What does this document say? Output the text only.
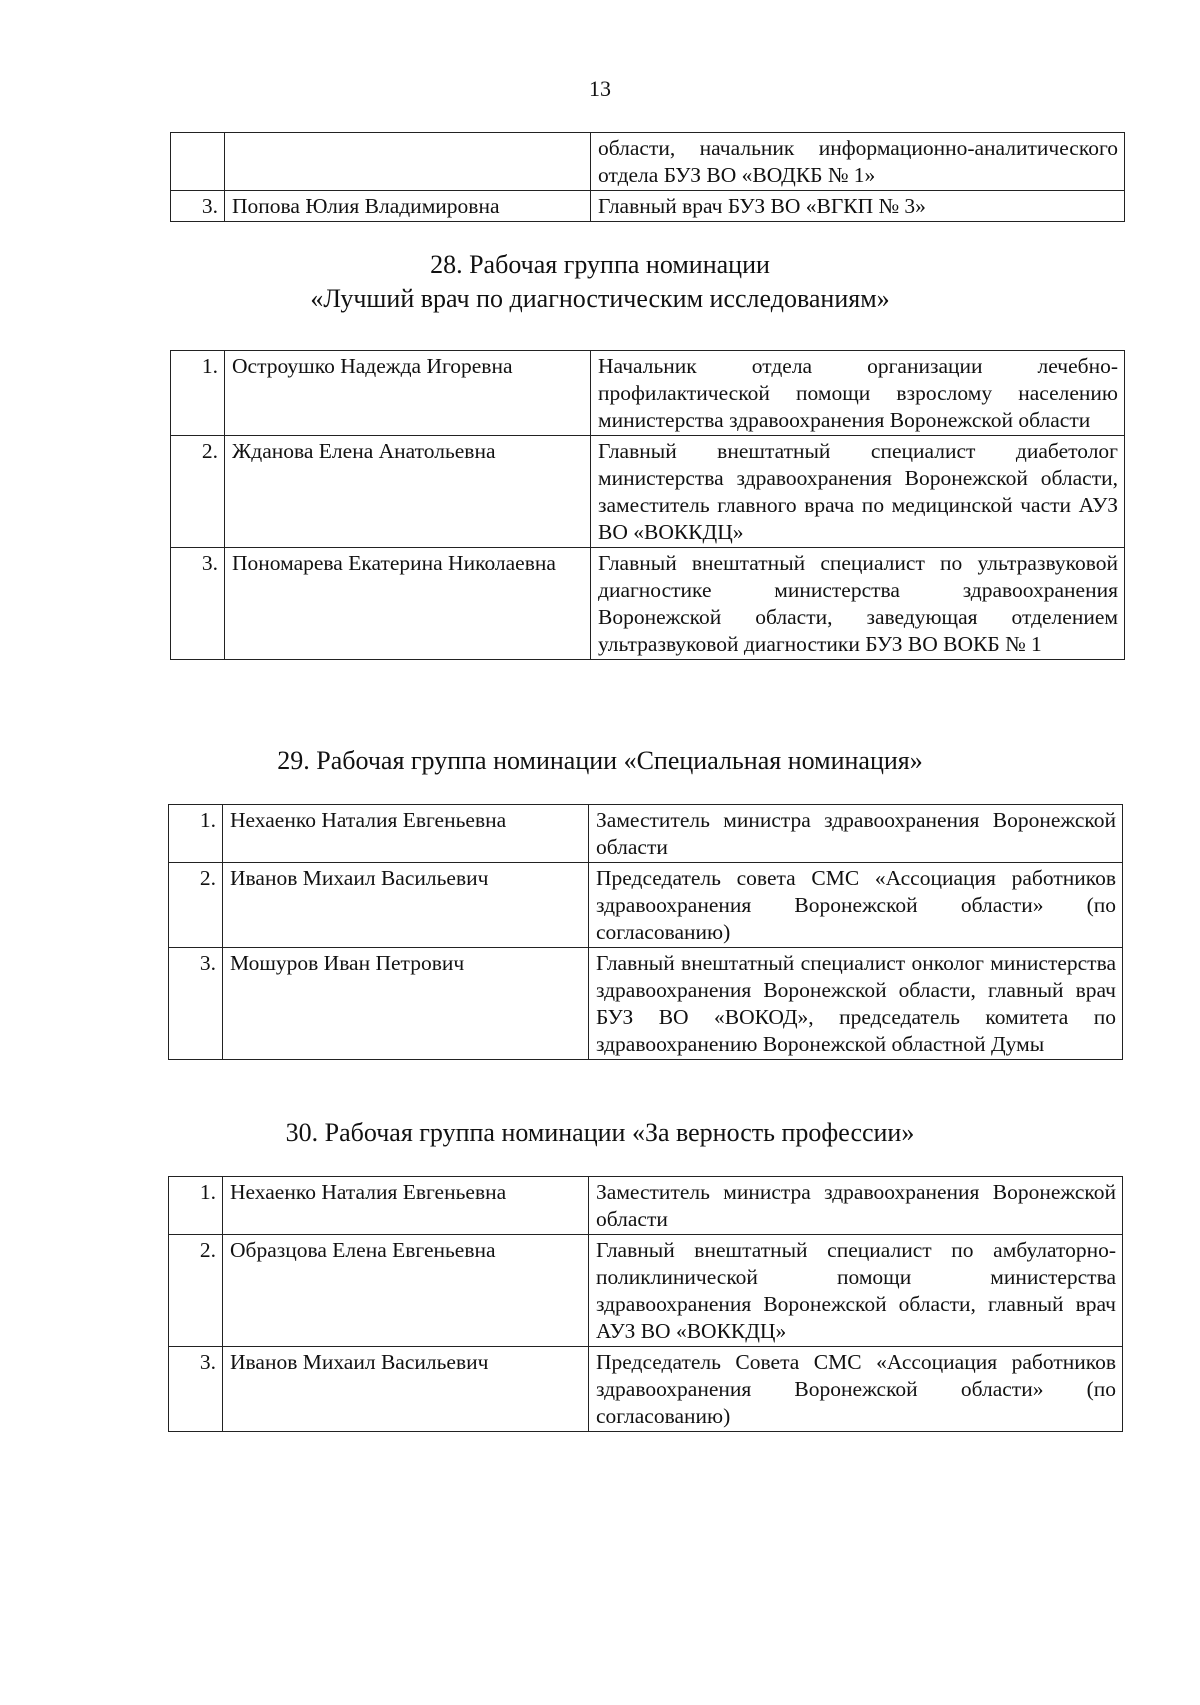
13
		области, начальник информационно-аналитического отдела БУЗ ВО «ВОДКБ № 1»
3.	Попова Юлия Владимировна	Главный врач БУЗ ВО «ВГКП № 3»
28. Рабочая группа номинации
«Лучший врач по диагностическим исследованиям»
1.	Остроушко Надежда Игоревна	Начальник отдела организации лечебно-профилактической помощи взрослому населению министерства здравоохранения Воронежской области
2.	Жданова Елена Анатольевна	Главный внештатный специалист диабетолог министерства здравоохранения Воронежской области, заместитель главного врача по медицинской части АУЗ ВО «ВОККДЦ»
3.	Пономарева Екатерина Николаевна	Главный внештатный специалист по ультразвуковой диагностике министерства здравоохранения Воронежской области, заведующая отделением ультразвуковой диагностики БУЗ ВО ВОКБ № 1
29. Рабочая группа номинации «Специальная номинация»
1.	Нехаенко Наталия Евгеньевна	Заместитель министра здравоохранения Воронежской области
2.	Иванов Михаил Васильевич	Председатель совета СМС «Ассоциация работников здравоохранения Воронежской области» (по согласованию)
3.	Мошуров Иван Петрович	Главный внештатный специалист онколог министерства здравоохранения Воронежской области, главный врач БУЗ ВО «ВОКОД», председатель комитета по здравоохранению Воронежской областной Думы
30. Рабочая группа номинации «За верность профессии»
1.	Нехаенко Наталия Евгеньевна	Заместитель министра здравоохранения Воронежской области
2.	Образцова Елена Евгеньевна	Главный внештатный специалист по амбулаторно-поликлинической помощи министерства здравоохранения Воронежской области, главный врач АУЗ ВО «ВОККДЦ»
3.	Иванов Михаил Васильевич	Председатель Совета СМС «Ассоциация работников здравоохранения Воронежской области» (по согласованию)
